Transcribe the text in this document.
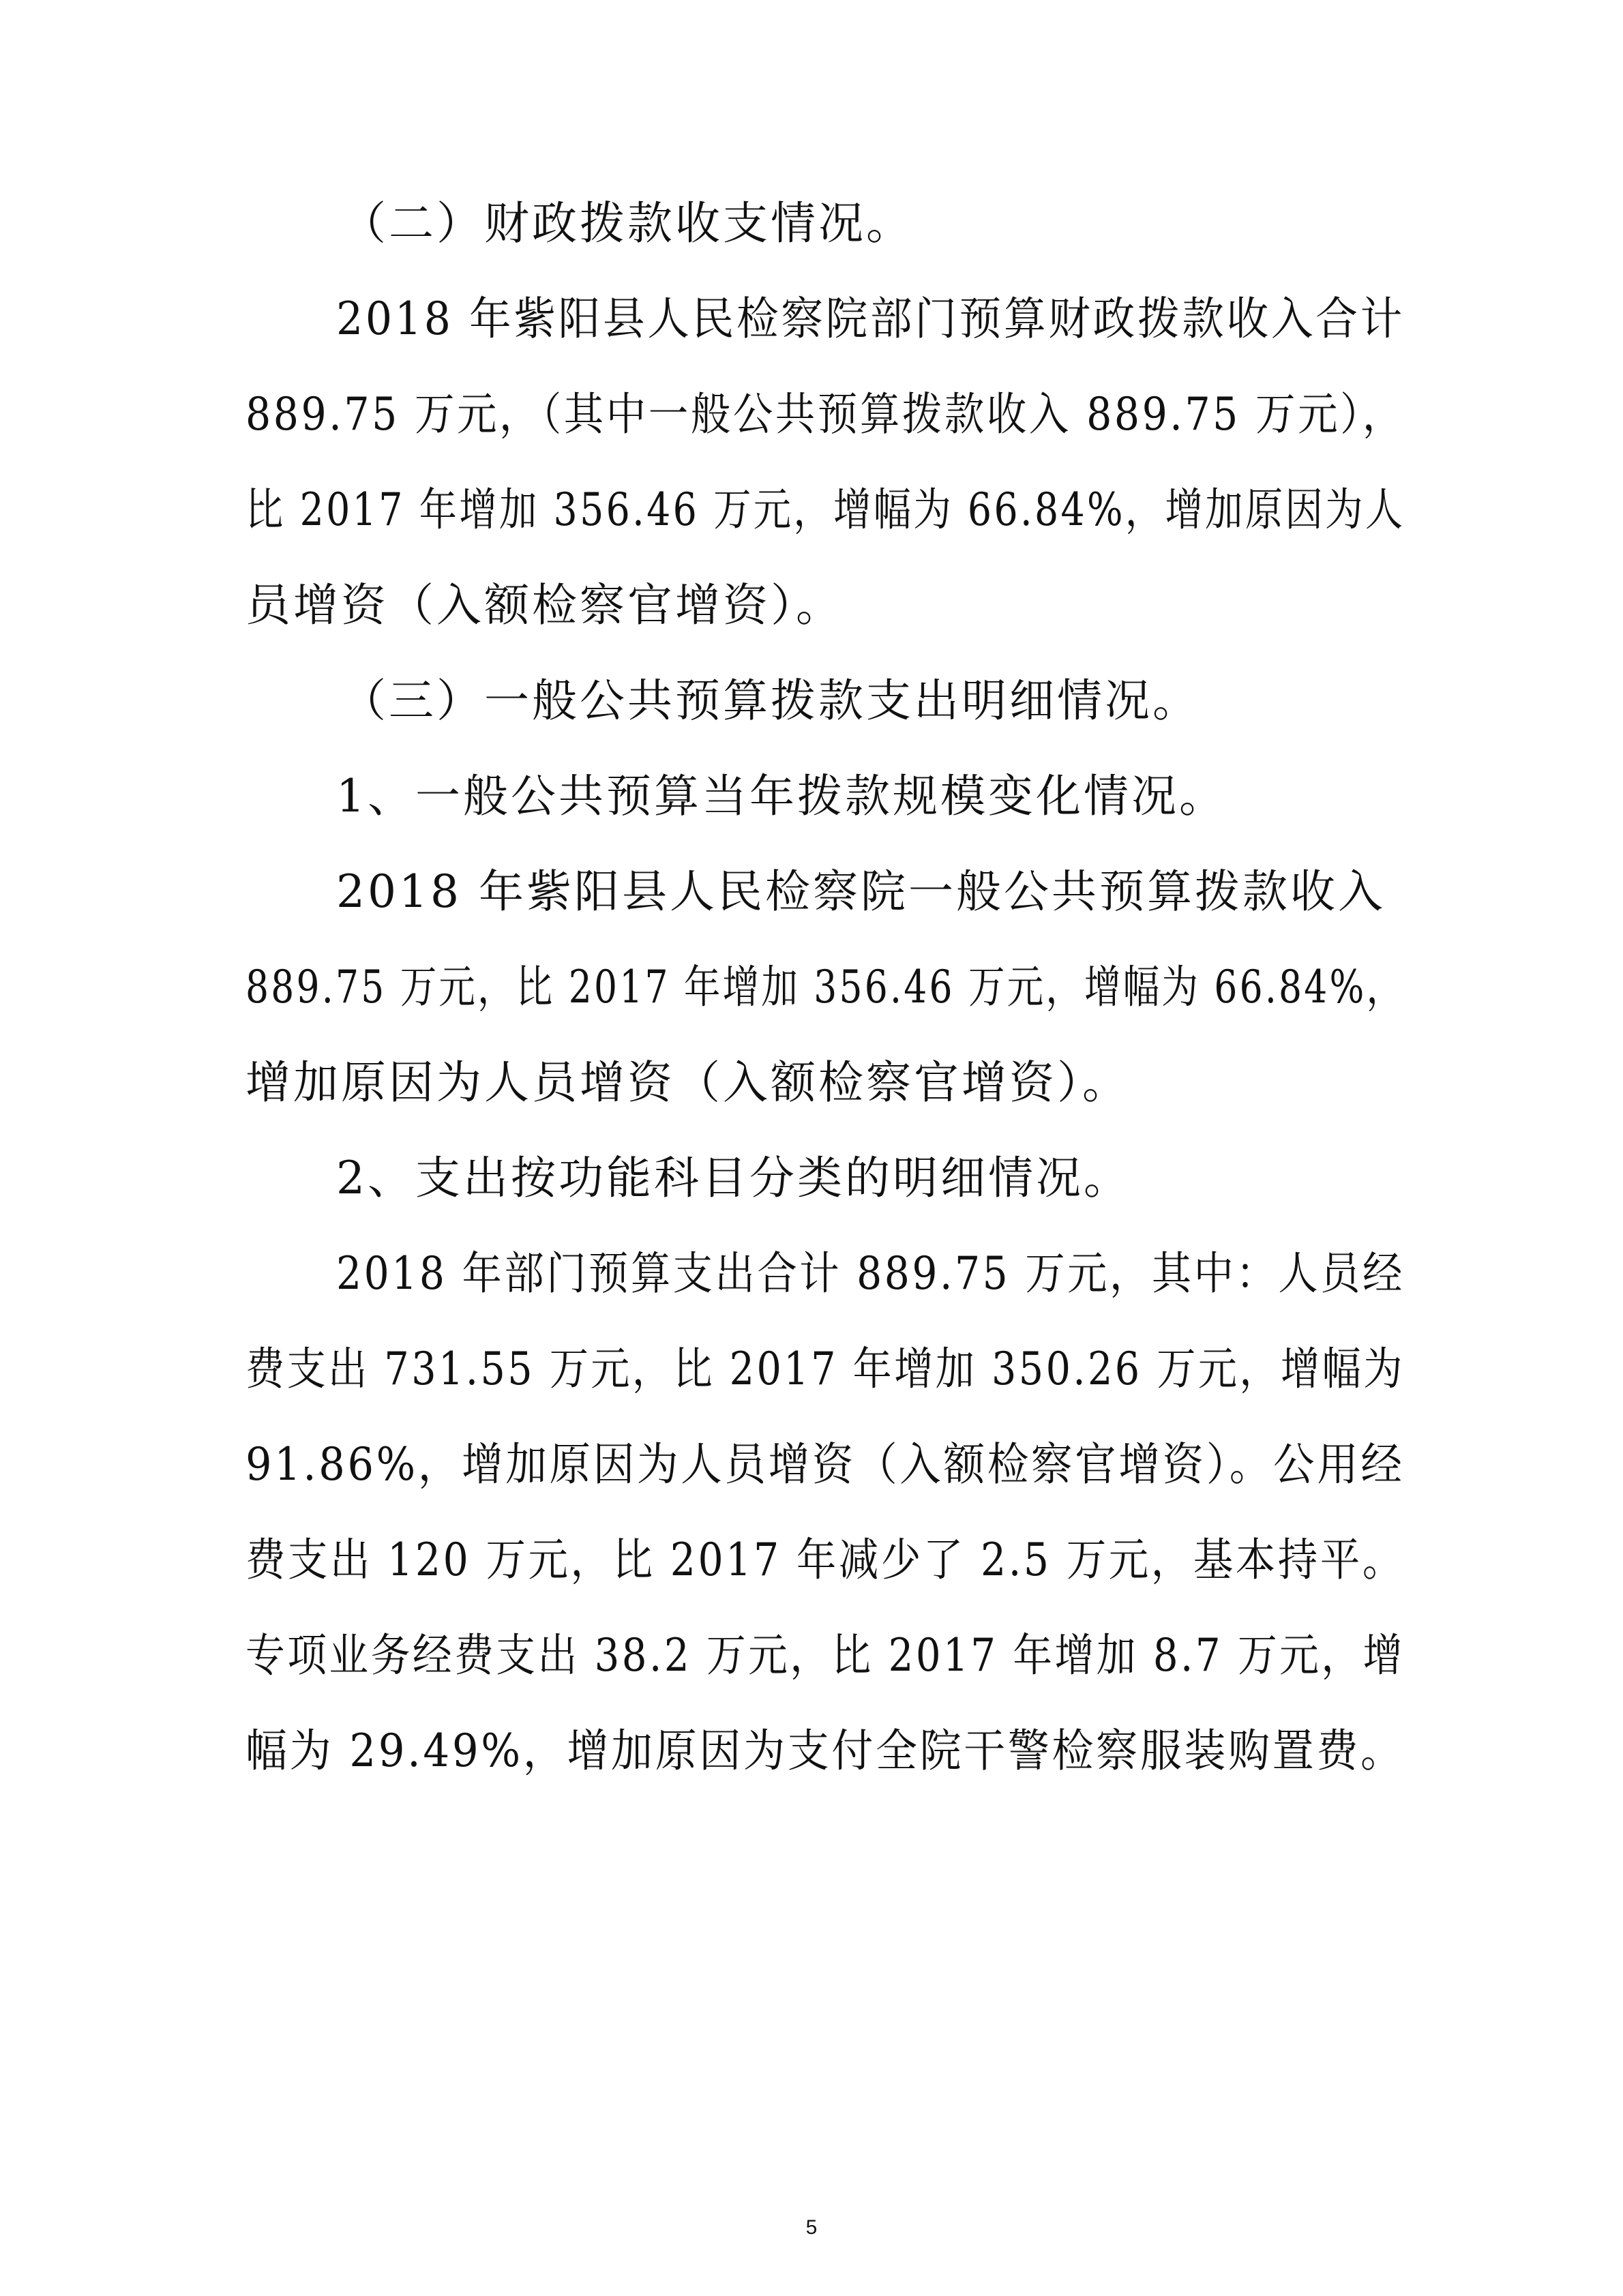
（二）财政拨款收支情况。
2018 年紫阳县人民检察院部门预算财政拨款收入合计
889.75 万元，（其中一般公共预算拨款收入 889.75 万元），
比 2017 年增加 356.46 万元，增幅为 66.84%，增加原因为人
员增资（入额检察官增资）。
（三）一般公共预算拨款支出明细情况。
1、一般公共预算当年拨款规模变化情况。
2018 年紫阳县人民检察院一般公共预算拨款收入
889.75 万元，比 2017 年增加 356.46 万元，增幅为 66.84%，
增加原因为人员增资（入额检察官增资）。
2、支出按功能科目分类的明细情况。
2018 年部门预算支出合计 889.75 万元，其中：人员经
费支出 731.55 万元，比 2017 年增加 350.26 万元，增幅为
91.86%，增加原因为人员增资（入额检察官增资）。公用经
费支出 120 万元，比 2017 年减少了 2.5 万元，基本持平。
专项业务经费支出 38.2 万元，比 2017 年增加 8.7 万元，增
幅为 29.49%，增加原因为支付全院干警检察服装购置费。
5
